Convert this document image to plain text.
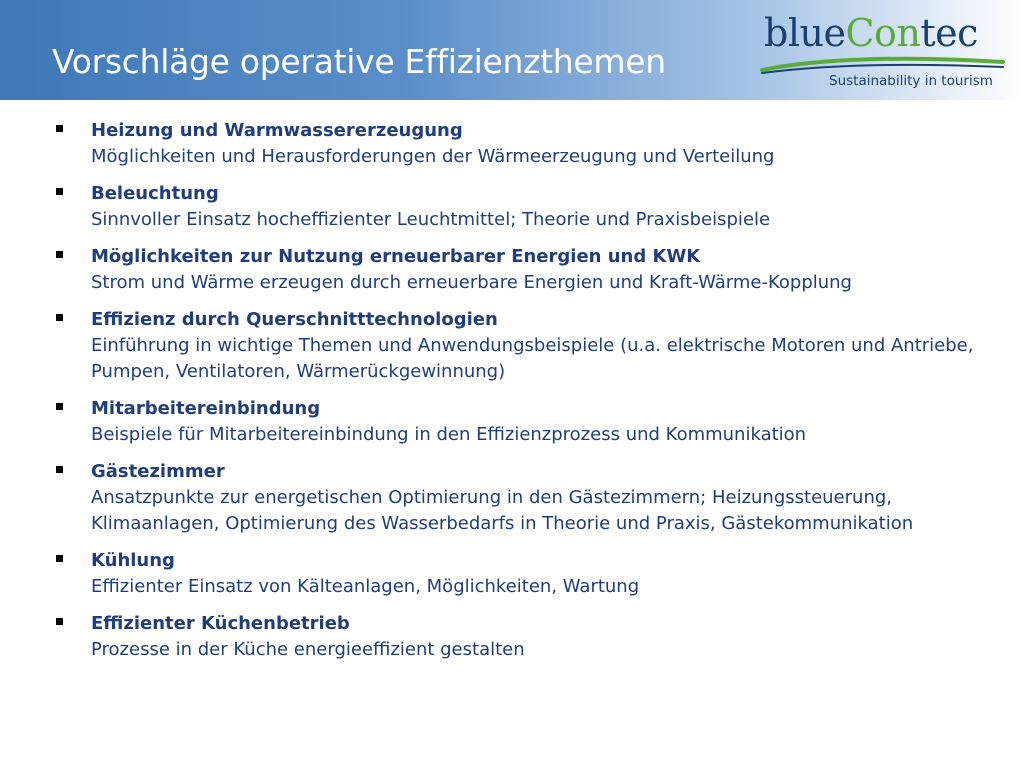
Vorschläge operative Effizienzthemen
blueContec
Sustainability in tourism
Heizung und Warmwassererzeugung
Möglichkeiten und Herausforderungen der Wärmeerzeugung und Verteilung
Beleuchtung
Sinnvoller Einsatz hocheffizienter Leuchtmittel; Theorie und Praxisbeispiele
Möglichkeiten zur Nutzung erneuerbarer Energien und KWK
Strom und Wärme erzeugen durch erneuerbare Energien und Kraft-Wärme-Kopplung
Effizienz durch Querschnitttechnologien
Einführung in wichtige Themen und Anwendungsbeispiele (u.a. elektrische Motoren und Antriebe, Pumpen, Ventilatoren, Wärmerückgewinnung)
Mitarbeitereinbindung
Beispiele für Mitarbeitereinbindung in den Effizienzprozess und Kommunikation
Gästezimmer
Ansatzpunkte zur energetischen Optimierung in den Gästezimmern; Heizungssteuerung, Klimaanlagen, Optimierung des Wasserbedarfs in Theorie und Praxis, Gästekommunikation
Kühlung
Effizienter Einsatz von Kälteanlagen, Möglichkeiten, Wartung
Effizienter Küchenbetrieb
Prozesse in der Küche energieeffizient gestalten
